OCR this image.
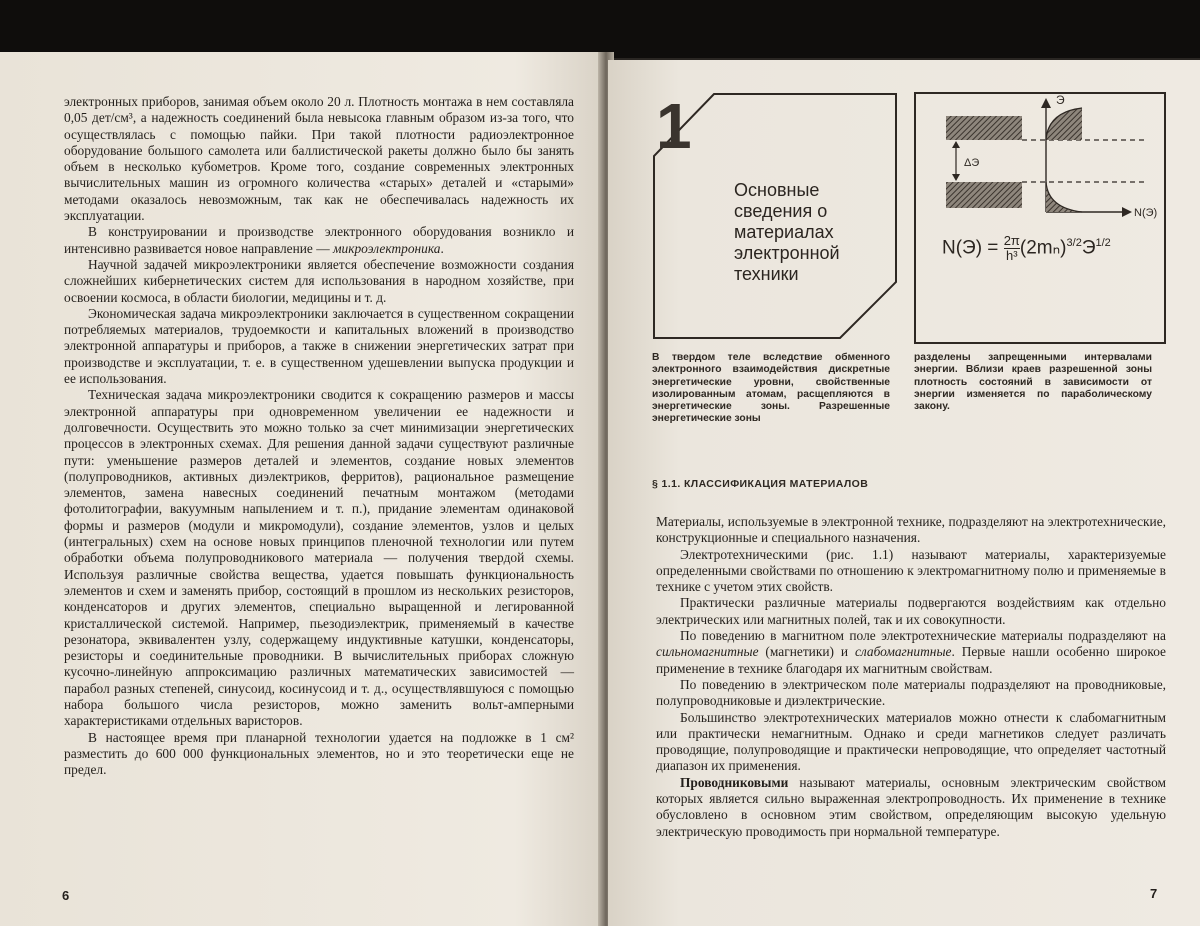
электронных приборов, занимая объем около 20 л. Плотность монтажа в нем составляла 0,05 дет/см³, а надежность соединений была невысока главным образом из-за того, что осуществлялась с помощью пайки. При такой плотности радиоэлектронное оборудование большого самолета или баллистической ракеты должно было бы занять объем в несколько кубометров. Кроме того, создание современных электронных вычислительных машин из огромного количества «старых» деталей и «старыми» методами оказалось невозможным, так как не обеспечивалась надежность их эксплуатации.

В конструировании и производстве электронного оборудования возникло и интенсивно развивается новое направление — микроэлектроника.

Научной задачей микроэлектроники является обеспечение возможности создания сложнейших кибернетических систем для использования в народном хозяйстве, при освоении космоса, в области биологии, медицины и т. д.

Экономическая задача микроэлектроники заключается в существенном сокращении потребляемых материалов, трудоемкости и капитальных вложений в производство электронной аппаратуры и приборов, а также в снижении энергетических затрат при производстве и эксплуатации, т. е. в существенном удешевлении выпуска продукции и ее использования.

Техническая задача микроэлектроники сводится к сокращению размеров и массы электронной аппаратуры при одновременном увеличении ее надежности и долговечности. Осуществить это можно только за счет минимизации энергетических процессов в электронных схемах. Для решения данной задачи существуют различные пути: уменьшение размеров деталей и элементов, создание новых элементов (полупроводников, активных диэлектриков, ферритов), рациональное размещение элементов, замена навесных соединений печатным монтажом (методами фотолитографии, вакуумным напылением и т. п.), придание элементам одинаковой формы и размеров (модули и микромодули), создание элементов, узлов и целых (интегральных) схем на основе новых принципов пленочной технологии или путем обработки объема полупроводникового материала — получения твердой схемы. Используя различные свойства вещества, удается повышать функциональность элементов и схем и заменять прибор, состоящий в прошлом из нескольких резисторов, конденсаторов и других элементов, специально выращенной и легированной кристаллической системой. Например, пьезодиэлектрик, применяемый в качестве резонатора, эквивалентен узлу, содержащему индуктивные катушки, конденсаторы, резисторы и соединительные проводники. В вычислительных приборах сложную кусочно-линейную аппроксимацию различных математических зависимостей — парабол разных степеней, синусоид, косинусоид и т. д., осуществлявшуюся с помощью набора большого числа резисторов, можно заменить вольт-амперными характеристиками отдельных варисторов.

В настоящее время при планарной технологии удается на подложке в 1 см² разместить до 600 000 функциональных элементов, но и это теоретически еще не предел.

6
1
Основные сведения о материалах электронной техники
Э
ΔЭ
N(Э)
$N(Э) = \frac{2\pi}{\text{h³}} (2m_n)^{3/2}Э^{1/2}$
В твердом теле вследствие обменного электронного взаимодействия дискретные энергетические уровни, свойственные изолированным атомам, расщепляются в энергетические зоны. Разрешенные энергетические зоны
разделены запрещенными интервалами энергии. Вблизи краев разрешенной зоны плотность состояний в зависимости от энергии изменяется по параболическому закону.
§ 1.1. КЛАССИФИКАЦИЯ МАТЕРИАЛОВ

Материалы, используемые в электронной технике, подразделяют на электротехнические, конструкционные и специального назначения.

Электротехническими (рис. 1.1) называют материалы, характеризуемые определенными свойствами по отношению к электромагнитному полю и применяемые в технике с учетом этих свойств.

Практически различные материалы подвергаются воздействиям как отдельно электрических или магнитных полей, так и их совокупности.

По поведению в магнитном поле электротехнические материалы подразделяют на сильномагнитные (магнетики) и слабомагнитные. Первые нашли особенно широкое применение в технике благодаря их магнитным свойствам.

По поведению в электрическом поле материалы подразделяют на проводниковые, полупроводниковые и диэлектрические.

Большинство электротехнических материалов можно отнести к слабомагнитным или практически немагнитным. Однако и среди магнетиков следует различать проводящие, полупроводящие и практически непроводящие, что определяет частотный диапазон их применения.

Проводниковыми называют материалы, основным электрическим свойством которых является сильно выраженная электропроводность. Их применение в технике обусловлено в основном этим свойством, определяющим высокую удельную электрическую проводимость при нормальной температуре.

7
